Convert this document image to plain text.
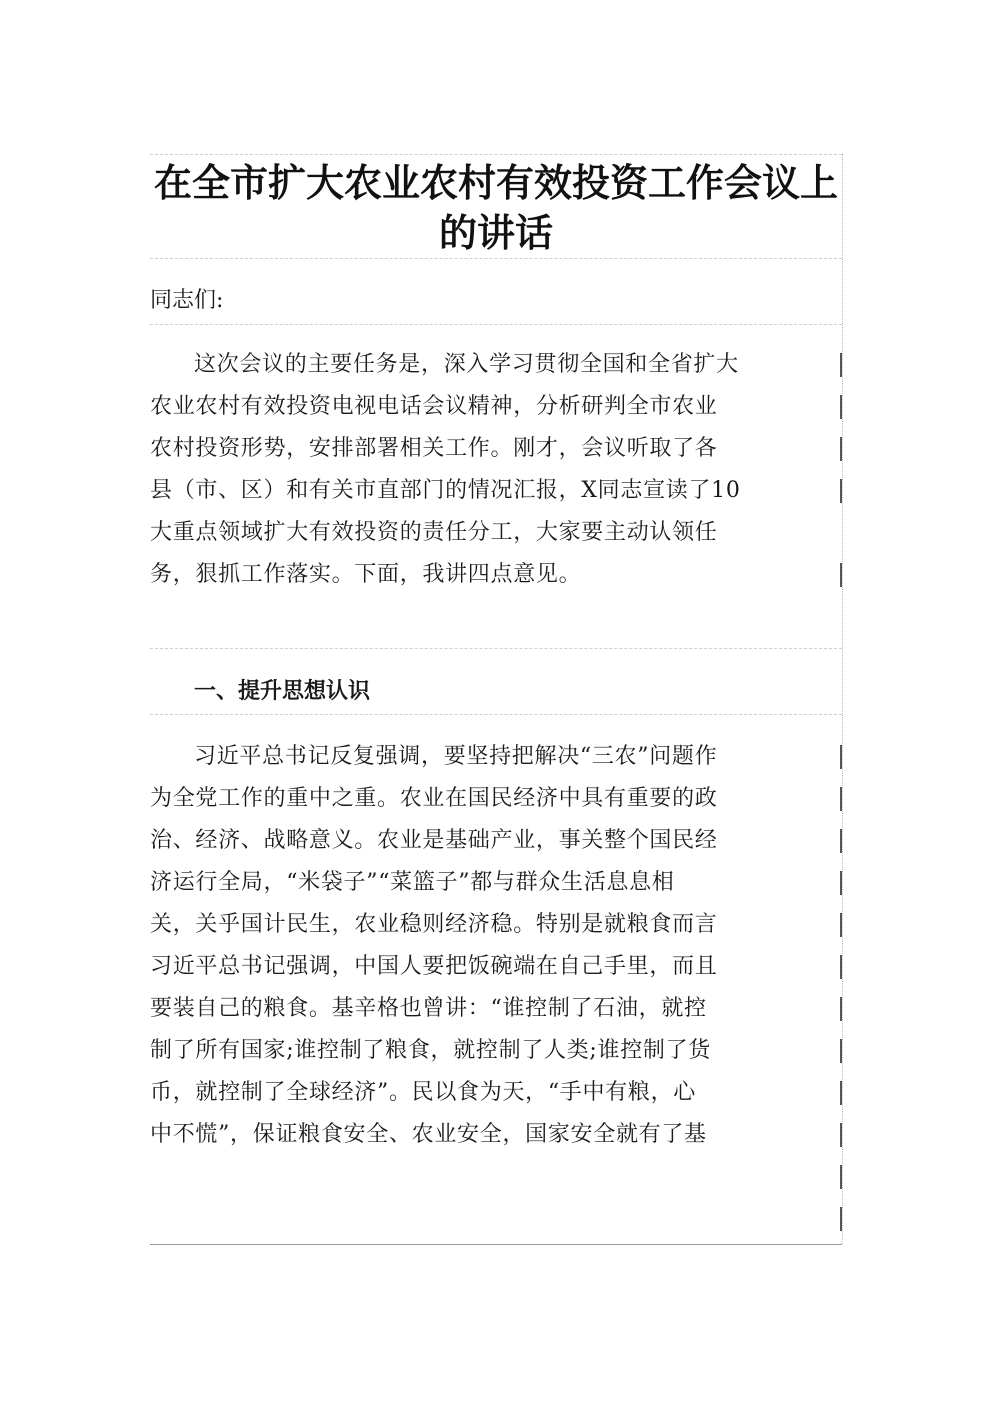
在全市扩大农业农村有效投资工作会议上
的讲话
同志们:
这次会议的主要任务是，深入学习贯彻全国和全省扩大
农业农村有效投资电视电话会议精神，分析研判全市农业
农村投资形势，安排部署相关工作。刚才，会议听取了各
县（市、区）和有关市直部门的情况汇报，X同志宣读了10
大重点领域扩大有效投资的责任分工，大家要主动认领任
务，狠抓工作落实。下面，我讲四点意见。
一、提升思想认识
习近平总书记反复强调，要坚持把解决“三农”问题作
为全党工作的重中之重。农业在国民经济中具有重要的政
治、经济、战略意义。农业是基础产业，事关整个国民经
济运行全局，“米袋子”“菜篮子”都与群众生活息息相
关，关乎国计民生，农业稳则经济稳。特别是就粮食而言
习近平总书记强调，中国人要把饭碗端在自己手里，而且
要装自己的粮食。基辛格也曾讲：“谁控制了石油，就控
制了所有国家;谁控制了粮食，就控制了人类;谁控制了货
币，就控制了全球经济”。民以食为天，“手中有粮，心
中不慌”，保证粮食安全、农业安全，国家安全就有了基
